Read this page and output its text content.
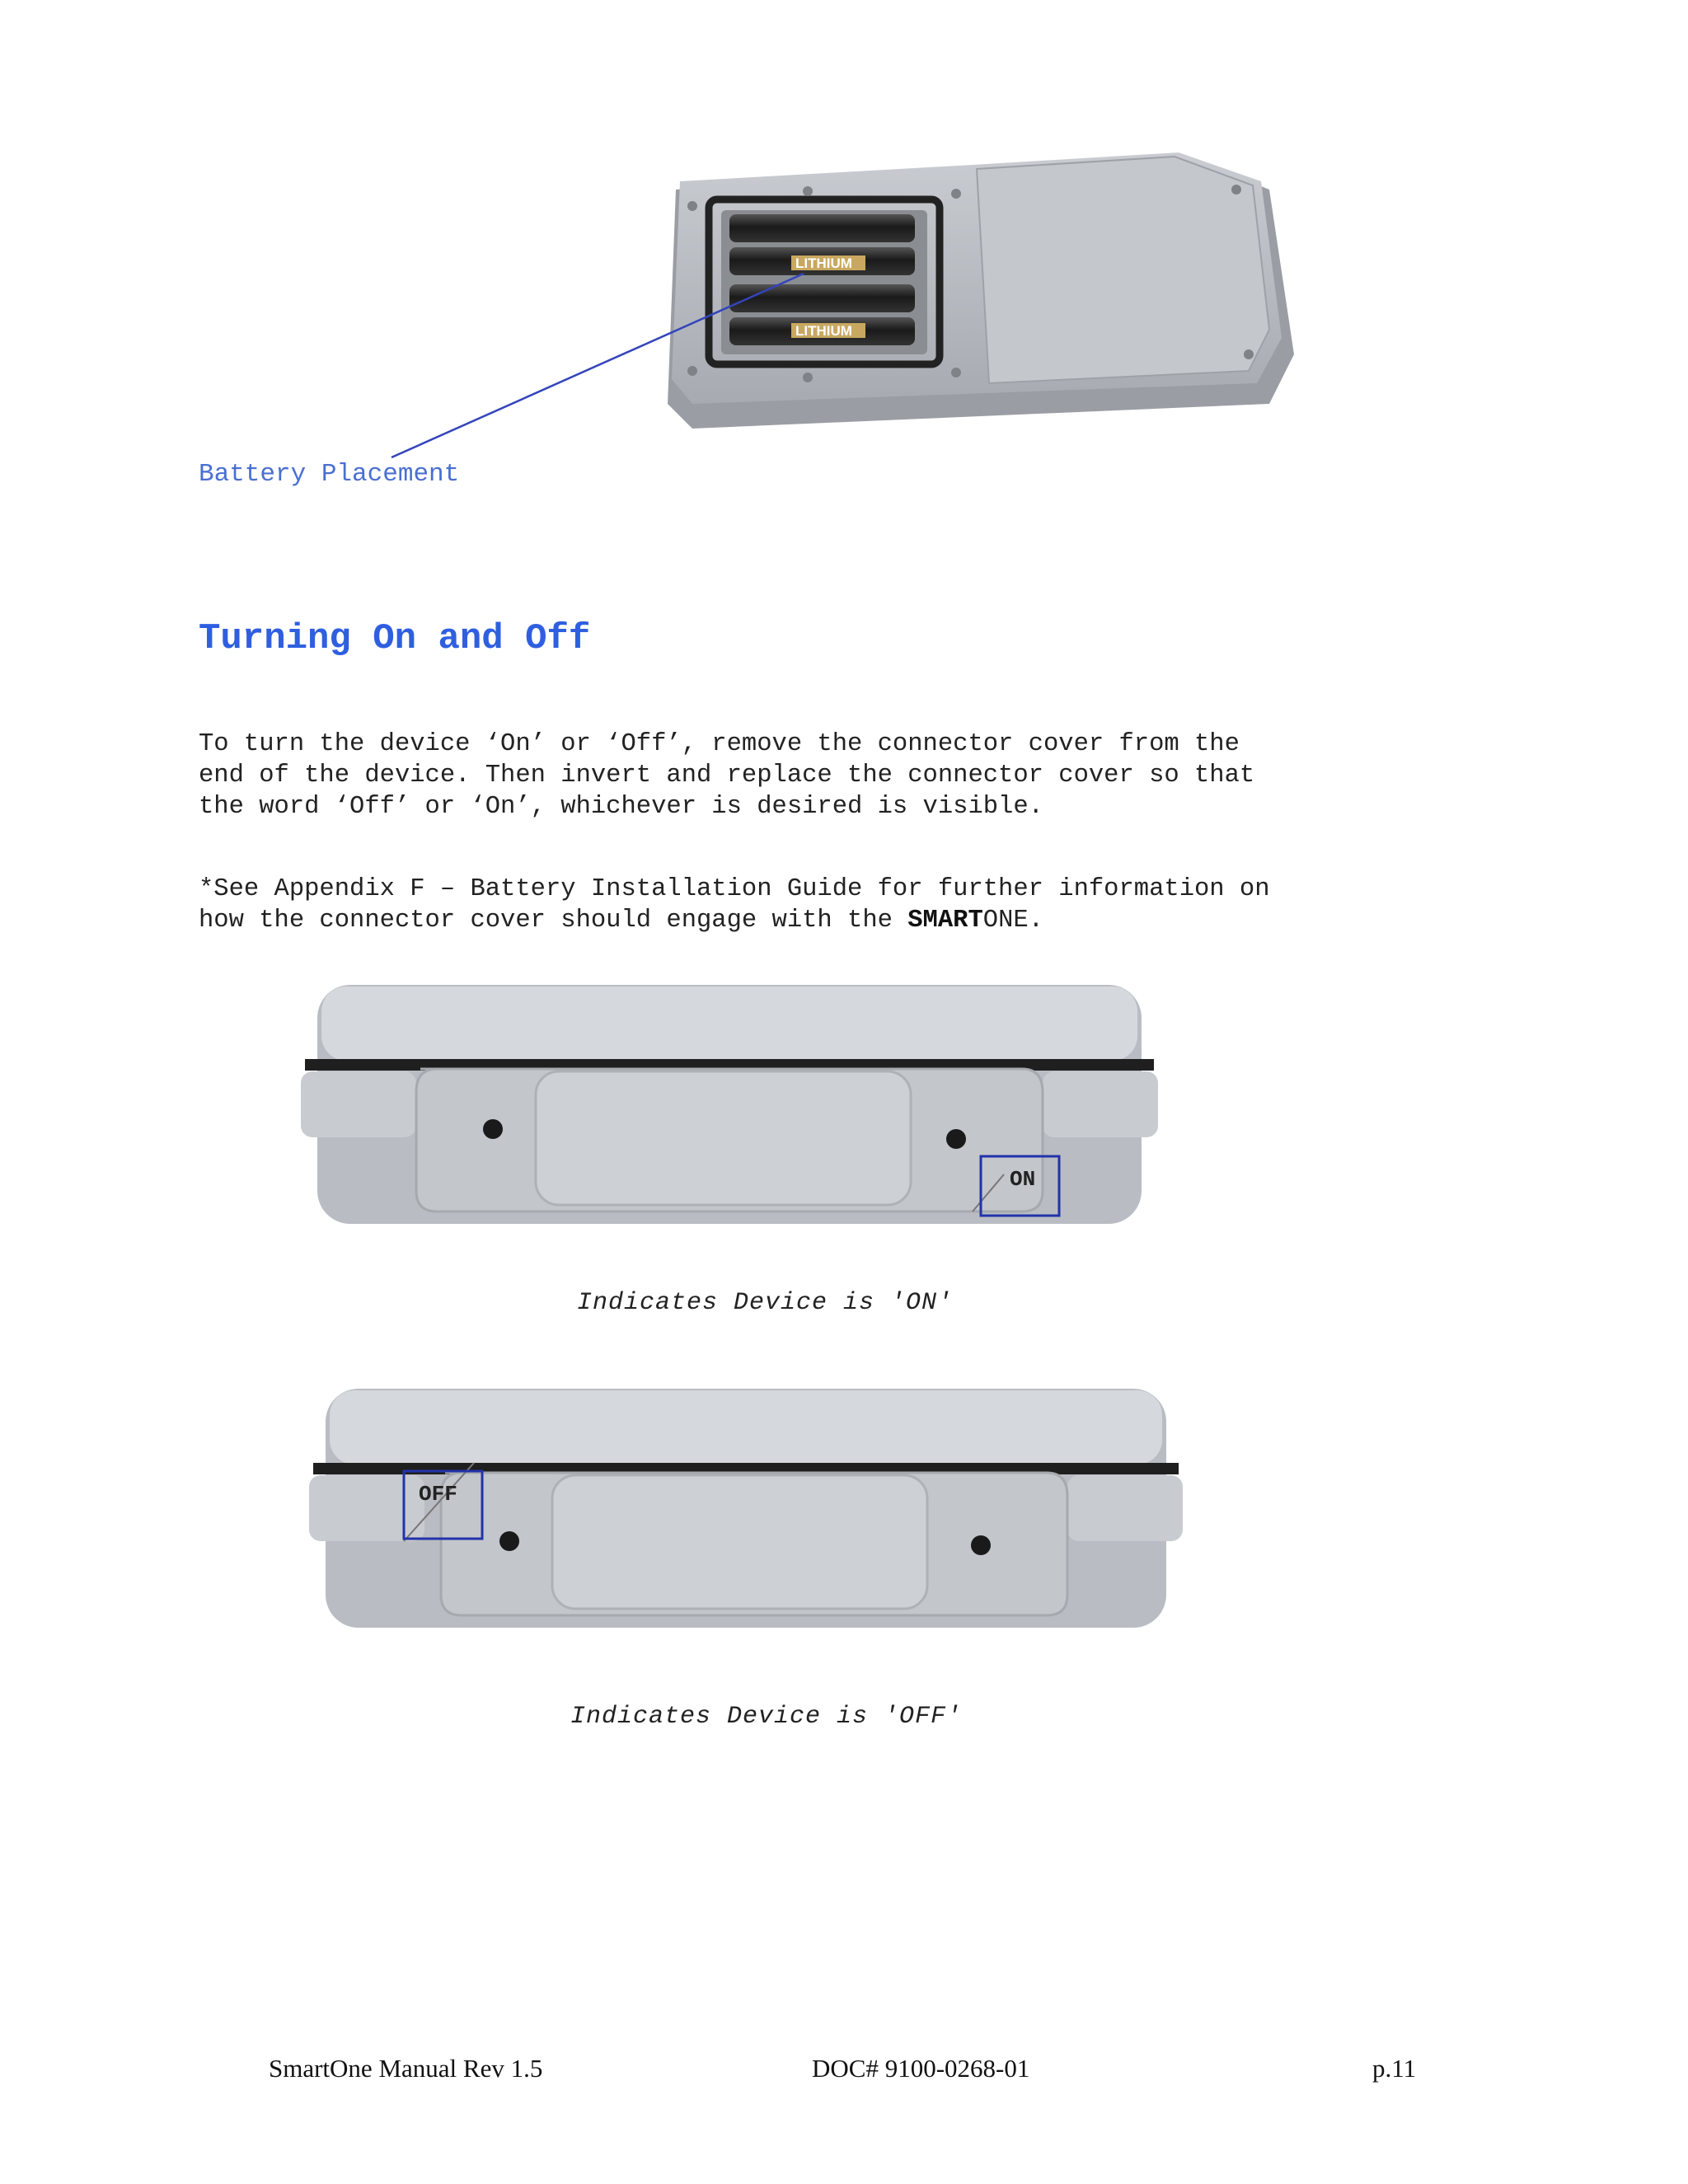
LITHIUM
LITHIUM
Battery Placement
Turning On and Off

To turn the device ‘On’ or ‘Off’, remove the connector cover from the
end of the device. Then invert and replace the connector cover so that
the word ‘Off’ or ‘On’, whichever is desired is visible.

*See Appendix F – Battery Installation Guide for further information on
how the connector cover should engage with the SMARTONE.

ON
Indicates Device is 'ON'
OFF
Indicates Device is 'OFF'
SmartOne Manual Rev 1.5	DOC# 9100-0268-01	p.11
